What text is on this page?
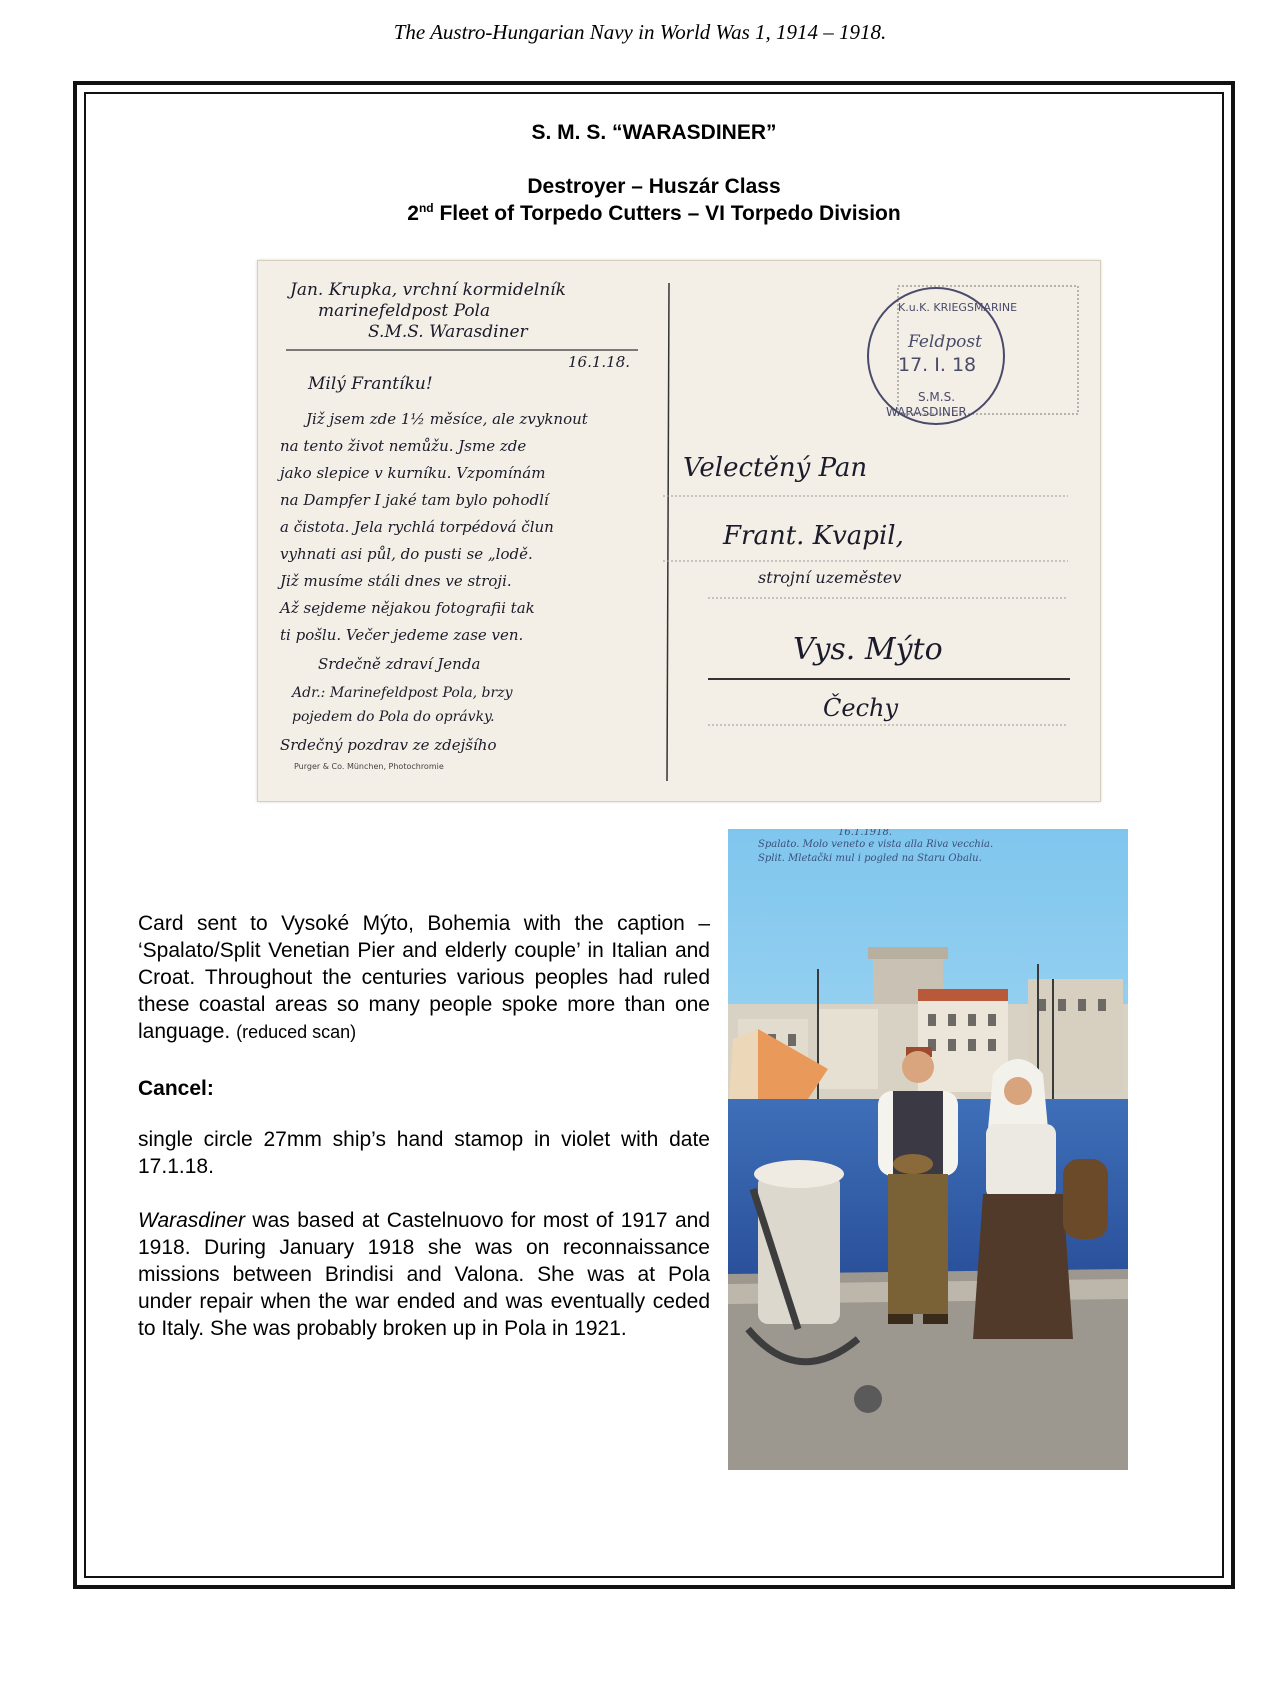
The Austro-Hungarian Navy in World Was 1, 1914 – 1918.
S. M. S. “WARASDINER”
Destroyer – Huszár Class
2nd Fleet of Torpedo Cutters – VI Torpedo Division
Jan. Krupka, vrchní kormidelník
marinefeldpost Pola
S.M.S. Warasdiner
16.1.18.
Milý Frantíku!
Již jsem zde 1½ měsíce, ale zvyknout
na tento život nemůžu. Jsme zde
jako slepice v kurníku. Vzpomínám
na Dampfer I jaké tam bylo pohodlí
a čistota. Jela rychlá torpédová člun
vyhnati asi půl, do pusti se „lodě.
Již musíme stáli dnes ve stroji.
Až sejdeme nějakou fotografii tak
ti pošlu. Večer jedeme zase ven.
Srdečně zdraví Jenda
Adr.: Marinefeldpost Pola, brzy
pojedem do Pola do oprávky.
Srdečný pozdrav ze zdejšího
Purger & Co. München, Photochromie
K.u.K. KRIEGSMARINE
Feldpost
17. I. 18
S.M.S.
WARASDINER
Velectěný Pan
Frant. Kvapil,
strojní uzeměstev
Vys. Mýto
Čechy
16.1.1918.
Spalato. Molo veneto e vista alla Riva vecchia.
Split. Mletački mul i pogled na Staru Obalu.
Card sent to Vysoké Mýto, Bohemia with the caption – ‘Spalato/Split Venetian Pier and elderly couple’ in Italian and Croat. Throughout the centuries various peoples had ruled these coastal areas so many people spoke more than one language. (reduced scan)
Cancel:
single circle 27mm ship’s hand stamop in violet with date 17.1.18.
Warasdiner was based at Castelnuovo for most of 1917 and 1918. During January 1918 she was on reconnaissance missions between Brindisi and Valona. She was at Pola under repair when the war ended and was eventually ceded to Italy. She was probably broken up in Pola in 1921.
